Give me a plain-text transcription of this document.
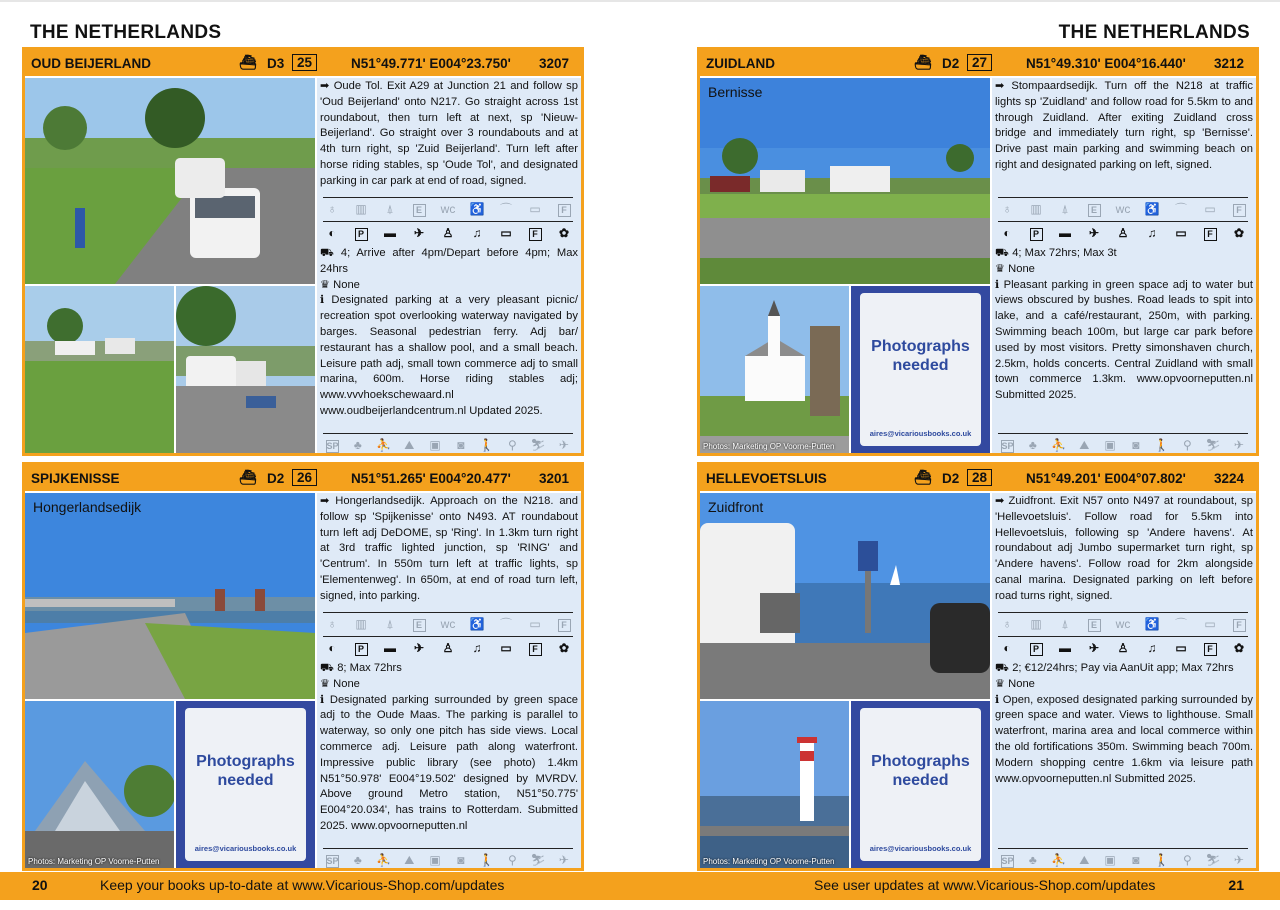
THE NETHERLANDS	THE NETHERLANDS
OUD BEIJERLAND	⛴ D3 25	N51°49.771' E004°23.750' 3207

➡ Oude Tol. Exit A29 at Junction 21 and follow sp 'Oud Beijerland' onto N217. Go straight across 1st roundabout, then turn left at next, sp 'Nieuw-Beijerland'. Go straight over 3 roundabouts and at 4th turn right, sp 'Zuid Beijerland'. Turn left after horse riding stables, sp 'Oude Tol', and designated parking in car park at end of road, signed.

♁	▥	⍋	E	wc ♿ ⌒ ▭	F
◐	P	▬	✈	♙	♫	▭	F	✿

⛟ 4; Arrive after 4pm/Depart before 4pm; Max 24hrs

♛ None

ℹ Designated parking at a very pleasant picnic/ recreation spot overlooking waterway navigated by barges. Seasonal pedestrian ferry. Adj bar/ restaurant has a shallow pool, and a small beach. Leisure path adj, small town commerce adj to small marina, 600m. Horse riding stables adj; www.vvvhoekschewaard.nl www.oudbeijerlandcentrum.nl Updated 2025.

SP	♣	⛹	⛰	▣	◙	🚶	⚲	⛷	✈
ZUIDLAND	⛴ D2 27	N51°49.310' E004°16.440' 3212
Bernisse
Photos: Marketing OP Voorne-Putten
Photographs
needed
aires@vicariousbooks.co.uk

➡ Stompaardsedijk. Turn off the N218 at traffic lights sp 'Zuidland' and follow road for 5.5km to and through Zuidland. After exiting Zuidland cross bridge and immediately turn right, sp 'Bernisse'. Drive past main parking and swimming beach on right and designated parking on left, signed.

♁	▥	⍋	E	wc ♿ ⌒ ▭	F
◐	P	▬	✈	♙	♫	▭	F	✿

⛟ 4; Max 72hrs; Max 3t

♛ None

ℹ Pleasant parking in green space adj to water but views obscured by bushes. Road leads to spit into lake, and a café/restaurant, 250m, with parking. Swimming beach 100m, but large car park before used by most visitors. Pretty simonshaven church, 2.5km, holds concerts. Central Zuidland with small town commerce 1.3km. www.opvoorneputten.nl Submitted 2025.

SP	♣	⛹	⛰	▣	◙	🚶	⚲	⛷	✈
SPIJKENISSE	⛴ D2 26	N51°51.265' E004°20.477' 3201
Hongerlandsedijk
Photos: Marketing OP Voorne-Putten
Photographs
needed
aires@vicariousbooks.co.uk

➡ Hongerlandsedijk. Approach on the N218. and follow sp 'Spijkenisse' onto N493. AT roundabout turn left adj DeDOME, sp 'Ring'. In 1.3km turn right at 3rd traffic lighted junction, sp 'RING' and 'Centrum'. In 550m turn left at traffic lights, sp 'Elementenweg'. In 650m, at end of road turn left, signed, into parking.

♁	▥	⍋	E	wc ♿ ⌒ ▭	F
◐	P	▬	✈	♙	♫	▭	F	✿

⛟ 8; Max 72hrs

♛ None

ℹ Designated parking surrounded by green space adj to the Oude Maas. The parking is parallel to waterway, so only one pitch has side views. Local commerce adj. Leisure path along waterfront. Impressive public library (see photo) 1.4km N51°50.978' E004°19.502' designed by MVRDV. Above ground Metro station, N51°50.775' E004°20.034', has trains to Rotterdam. Submitted 2025. www.opvoorneputten.nl

SP	♣	⛹	⛰	▣	◙	🚶	⚲	⛷	✈
HELLEVOETSLUIS	⛴ D2 28	N51°49.201' E004°07.802' 3224
Zuidfront
Photos: Marketing OP Voorne-Putten
Photographs
needed
aires@vicariousbooks.co.uk

➡ Zuidfront. Exit N57 onto N497 at roundabout, sp 'Hellevoetsluis'. Follow road for 5.5km into Hellevoetsluis, following sp 'Andere havens'. At roundabout adj Jumbo supermarket turn right, sp 'Andere havens'. Follow road for 2km alongside canal marina. Designated parking on left before road turns right, signed.

♁	▥	⍋	E	wc ♿ ⌒ ▭	F
◐	P	▬	✈	♙	♫	▭	F	✿

⛟ 2; €12/24hrs; Pay via AanUit app; Max 72hrs

♛ None

ℹ Open, exposed designated parking surrounded by green space and water. Views to lighthouse. Small waterfront, marina area and local commerce within the old fortifications 350m. Swimming beach 700m. Modern shopping centre 1.6km via leisure path www.opvoorneputten.nl Submitted 2025.

SP	♣	⛹	⛰	▣	◙	🚶	⚲	⛷	✈
20	Keep your books up-to-date at www.Vicarious-Shop.com/updates	See user updates at www.Vicarious-Shop.com/updates	21
